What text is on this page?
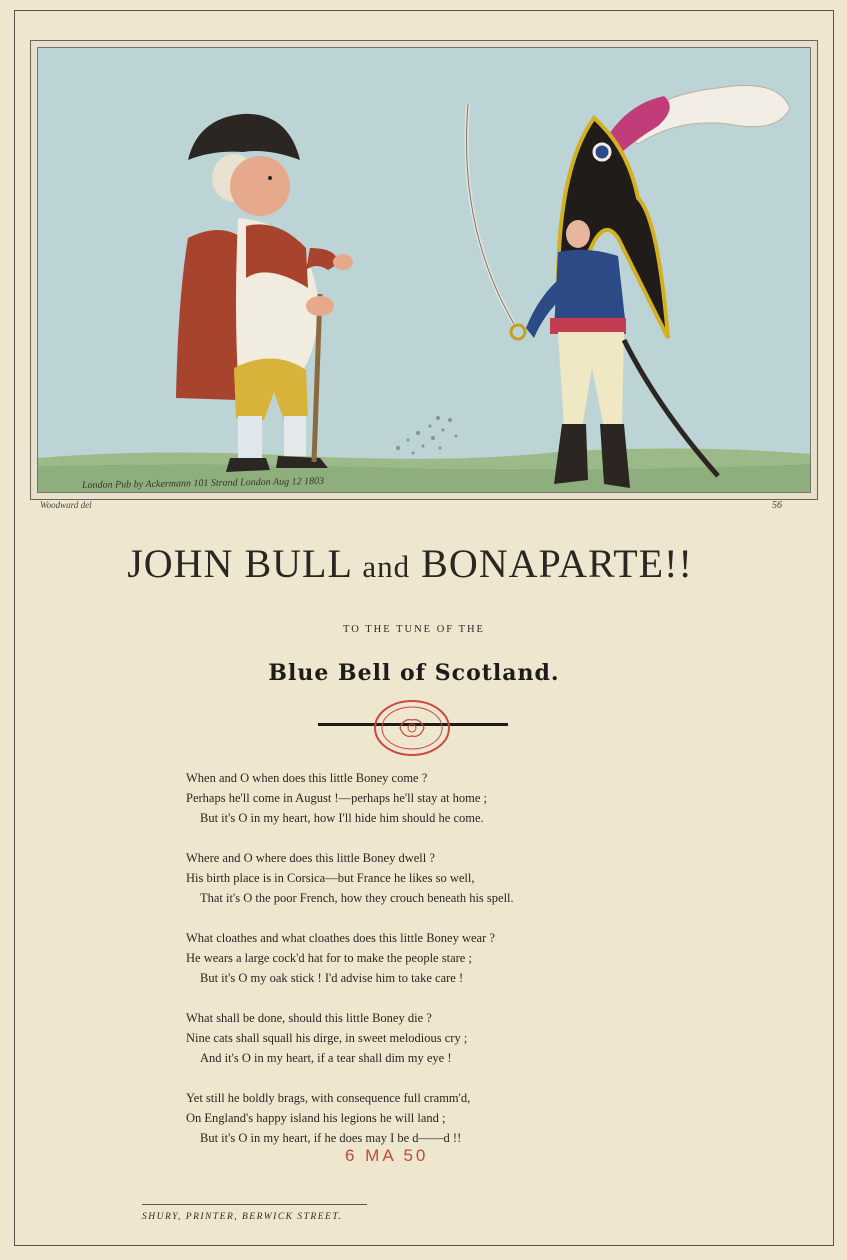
London Pub by Ackermann 101 Strand London Aug 12 1803
Woodward del	56
JOHN BULL and BONAPARTE!!
TO THE TUNE OF THE
Blue Bell of Scotland.
When and O when does this little Boney come ?
Perhaps he'll come in August !—perhaps he'll stay at home ;
But it's O in my heart, how I'll hide him should he come.
Where and O where does this little Boney dwell ?
His birth place is in Corsica—but France he likes so well,
That it's O the poor French, how they crouch beneath his spell.
What cloathes and what cloathes does this little Boney wear ?
He wears a large cock'd hat for to make the people stare ;
But it's O my oak stick ! I'd advise him to take care !
What shall be done, should this little Boney die ?
Nine cats shall squall his dirge, in sweet melodious cry ;
And it's O in my heart, if a tear shall dim my eye !
Yet still he boldly brags, with consequence full cramm'd,
On England's happy island his legions he will land ;
But it's O in my heart, if he does may I be d——d !!
6 MA 50
SHURY, PRINTER, BERWICK STREET.
